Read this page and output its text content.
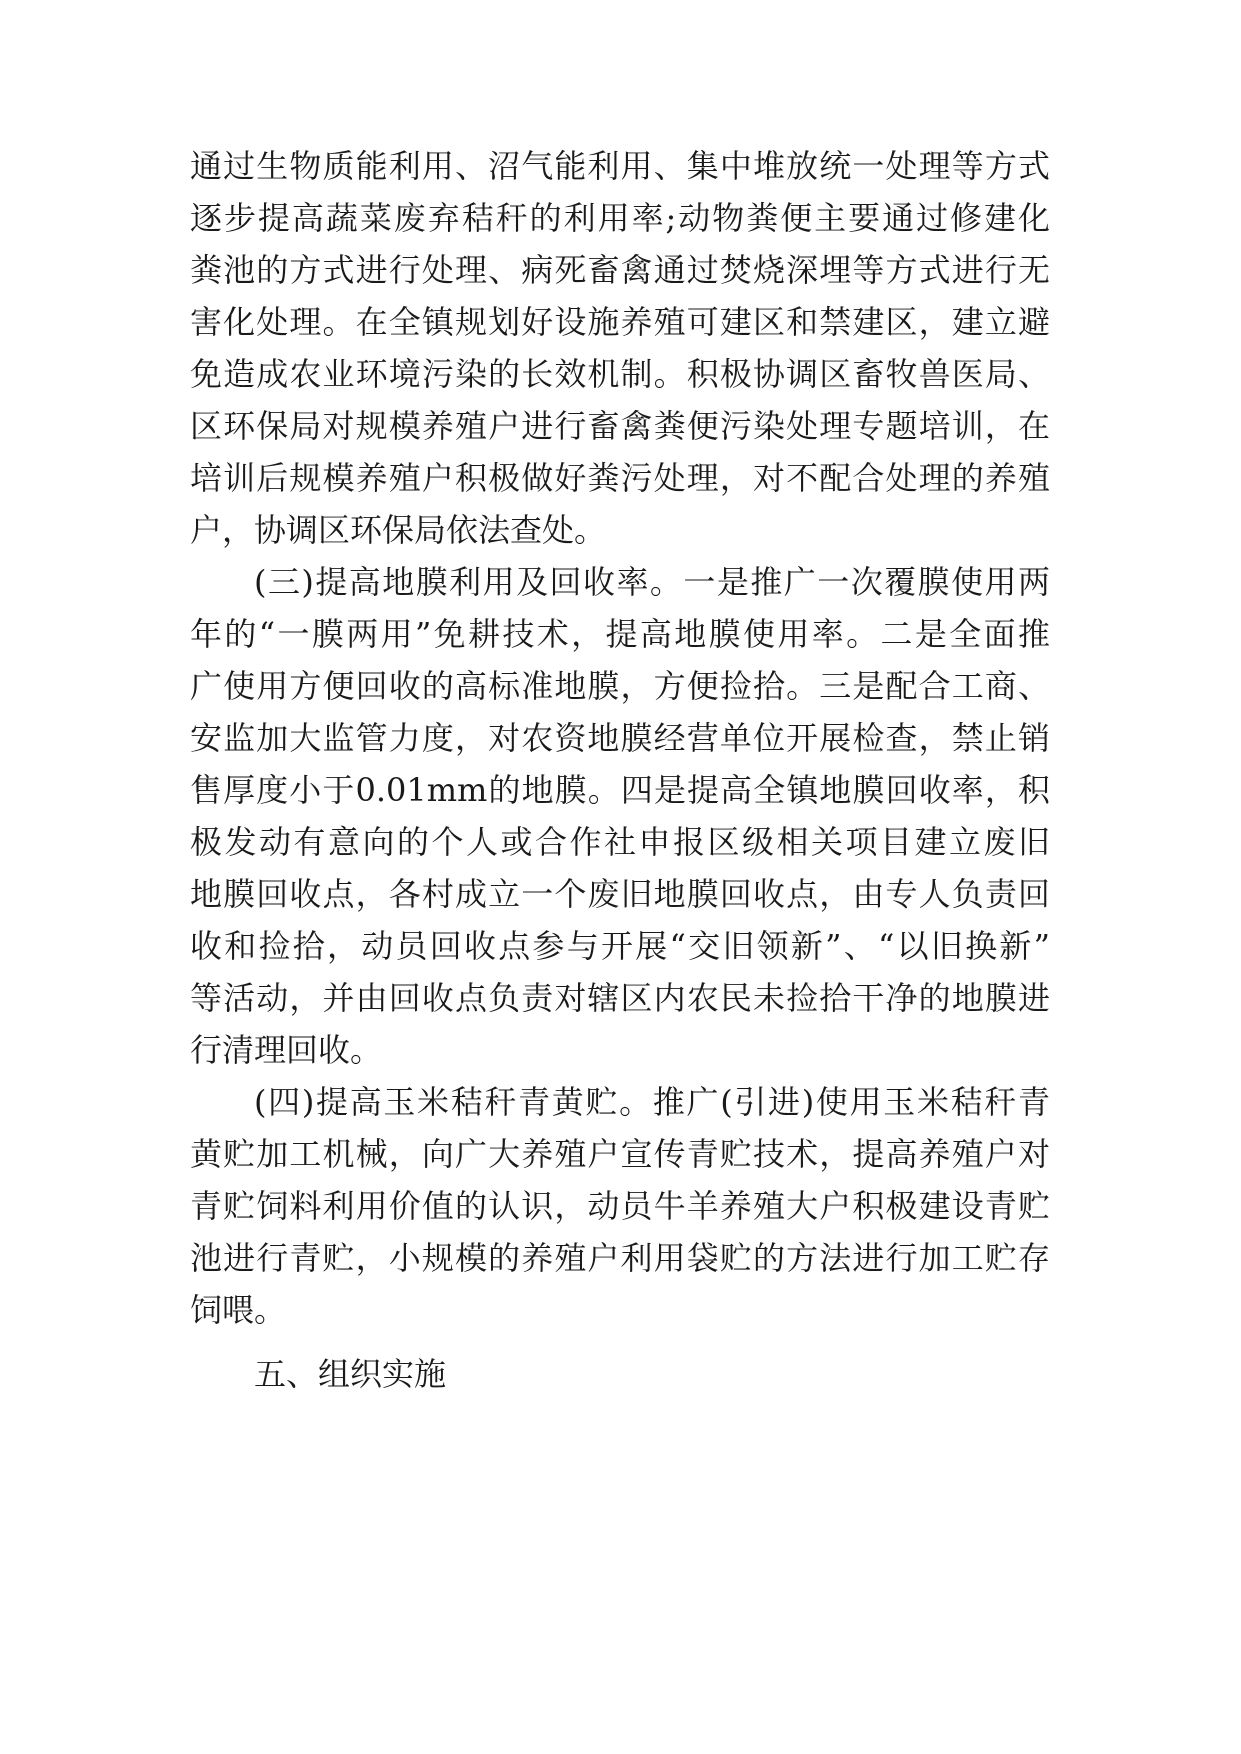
通过生物质能利用、沼气能利用、集中堆放统一处理等方式
逐步提高蔬菜废弃秸秆的利用率;动物粪便主要通过修建化
粪池的方式进行处理、病死畜禽通过焚烧深埋等方式进行无
害化处理。在全镇规划好设施养殖可建区和禁建区，建立避
免造成农业环境污染的长效机制。积极协调区畜牧兽医局、
区环保局对规模养殖户进行畜禽粪便污染处理专题培训，在
培训后规模养殖户积极做好粪污处理，对不配合处理的养殖
户，协调区环保局依法查处。
(三)提高地膜利用及回收率。一是推广一次覆膜使用两
年的“一膜两用”免耕技术，提高地膜使用率。二是全面推
广使用方便回收的高标准地膜，方便捡拾。三是配合工商、
安监加大监管力度，对农资地膜经营单位开展检查，禁止销
售厚度小于0.01mm的地膜。四是提高全镇地膜回收率，积
极发动有意向的个人或合作社申报区级相关项目建立废旧
地膜回收点，各村成立一个废旧地膜回收点，由专人负责回
收和捡拾，动员回收点参与开展“交旧领新”、“以旧换新”
等活动，并由回收点负责对辖区内农民未捡拾干净的地膜进
行清理回收。
(四)提高玉米秸秆青黄贮。推广(引进)使用玉米秸秆青
黄贮加工机械，向广大养殖户宣传青贮技术，提高养殖户对
青贮饲料利用价值的认识，动员牛羊养殖大户积极建设青贮
池进行青贮，小规模的养殖户利用袋贮的方法进行加工贮存
饲喂。
五、组织实施
